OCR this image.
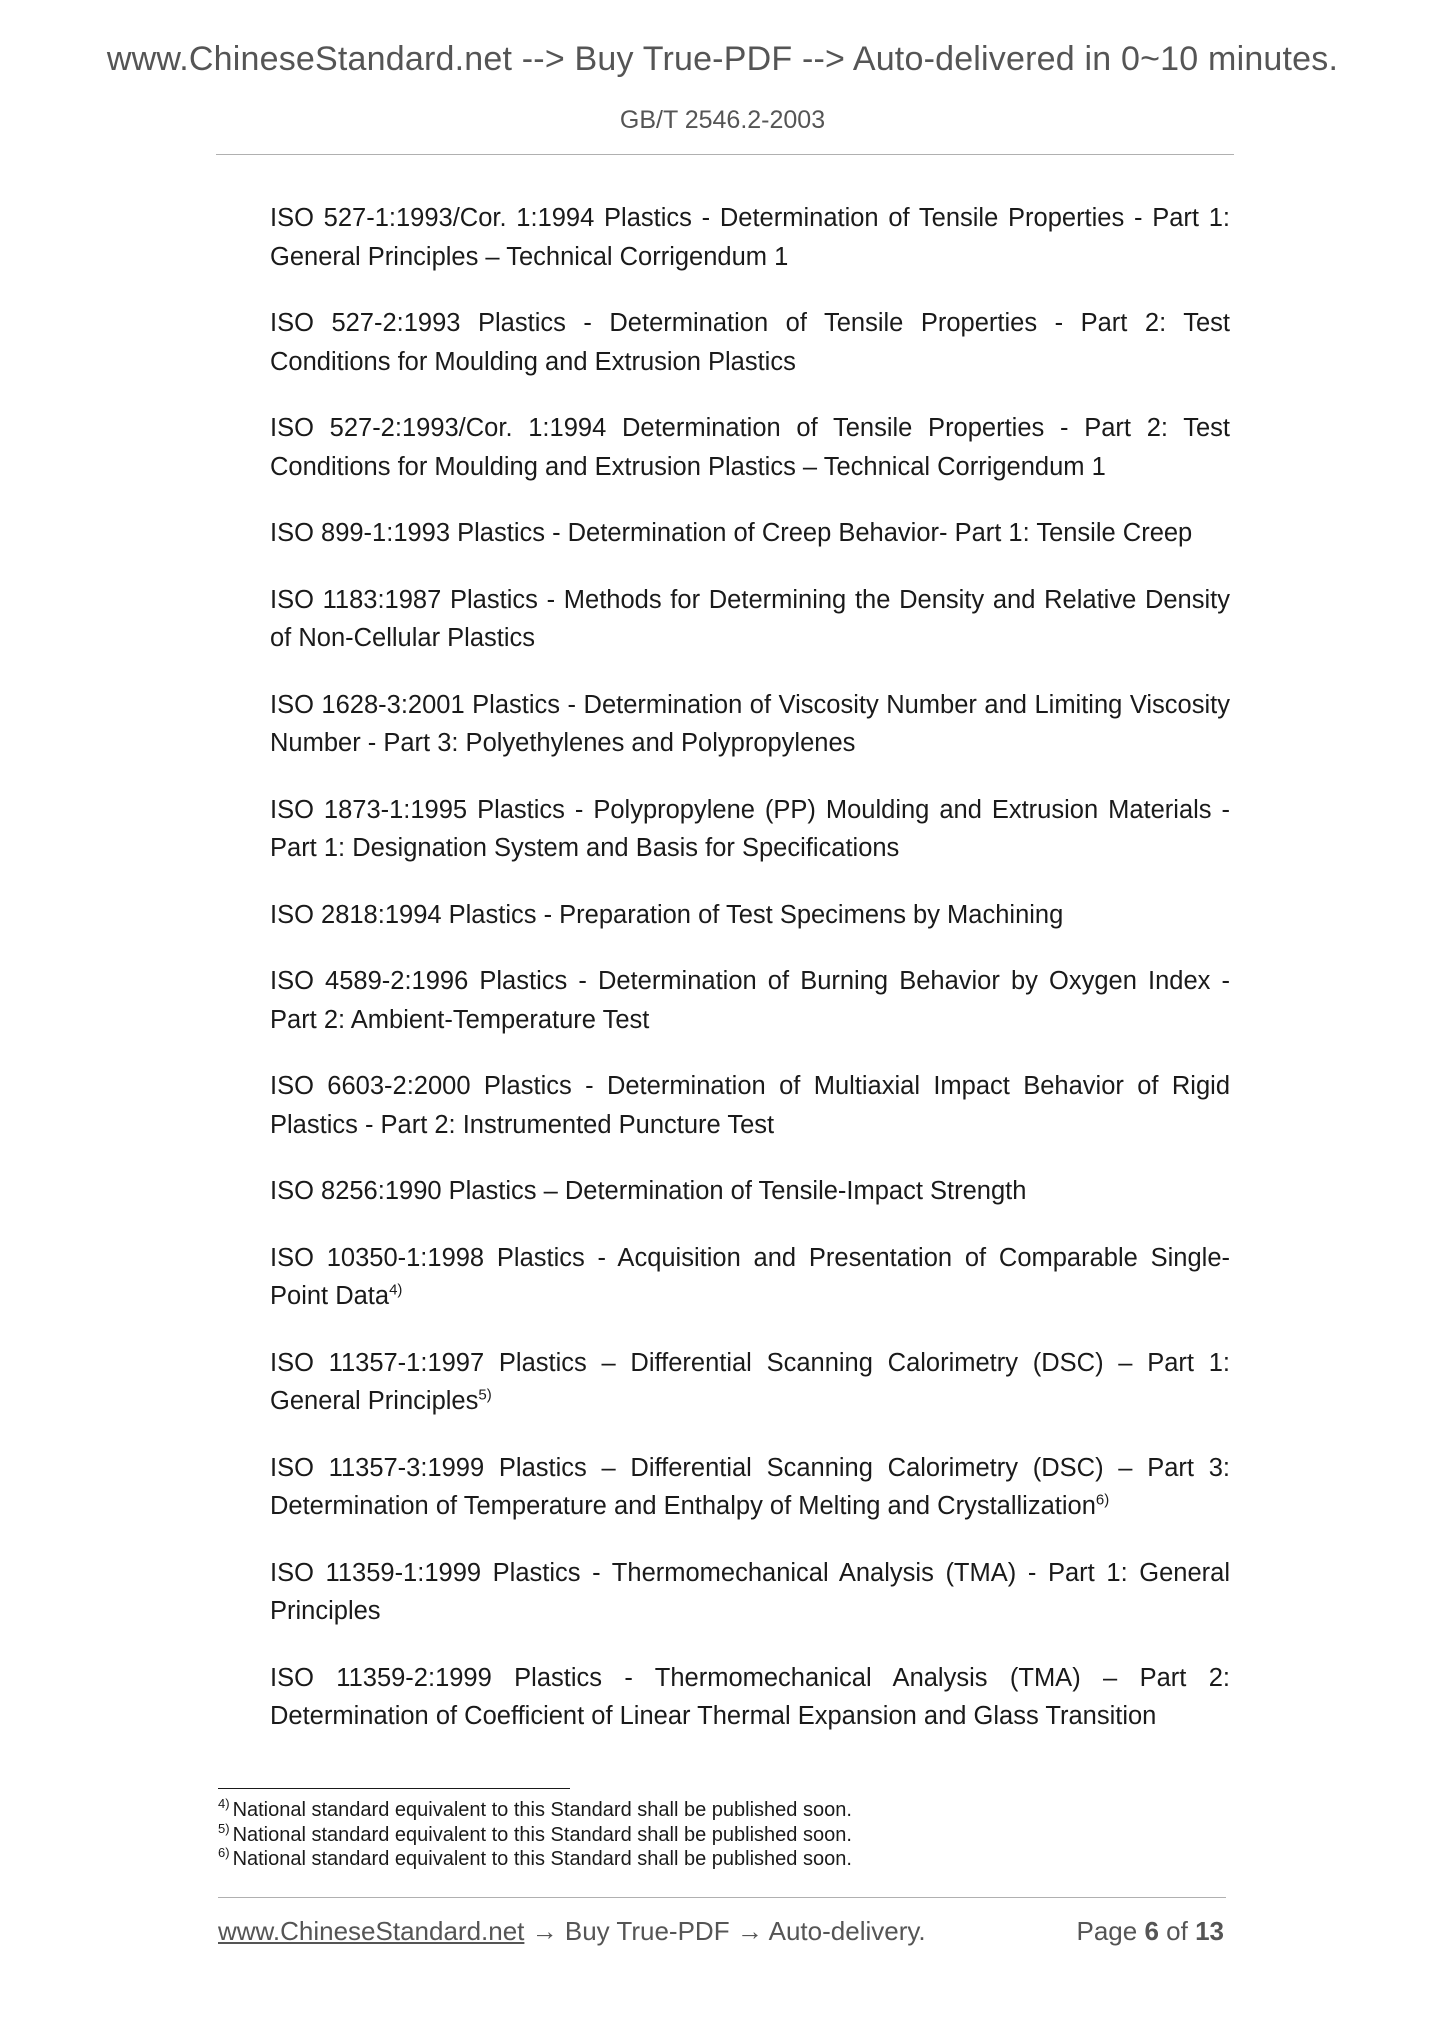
www.ChineseStandard.net --> Buy True-PDF --> Auto-delivered in 0~10 minutes.
GB/T 2546.2-2003
ISO 527-1:1993/Cor. 1:1994 Plastics - Determination of Tensile Properties - Part 1: General Principles – Technical Corrigendum 1
ISO 527-2:1993 Plastics - Determination of Tensile Properties - Part 2: Test Conditions for Moulding and Extrusion Plastics
ISO 527-2:1993/Cor. 1:1994 Determination of Tensile Properties - Part 2: Test Conditions for Moulding and Extrusion Plastics – Technical Corrigendum 1
ISO 899-1:1993 Plastics - Determination of Creep Behavior- Part 1: Tensile Creep
ISO 1183:1987 Plastics - Methods for Determining the Density and Relative Density of Non-Cellular Plastics
ISO 1628-3:2001 Plastics - Determination of Viscosity Number and Limiting Viscosity Number - Part 3: Polyethylenes and Polypropylenes
ISO 1873-1:1995 Plastics - Polypropylene (PP) Moulding and Extrusion Materials - Part 1: Designation System and Basis for Specifications
ISO 2818:1994 Plastics - Preparation of Test Specimens by Machining
ISO 4589-2:1996 Plastics - Determination of Burning Behavior by Oxygen Index - Part 2: Ambient-Temperature Test
ISO 6603-2:2000 Plastics - Determination of Multiaxial Impact Behavior of Rigid Plastics - Part 2: Instrumented Puncture Test
ISO 8256:1990 Plastics – Determination of Tensile-Impact Strength
ISO 10350-1:1998 Plastics - Acquisition and Presentation of Comparable Single-Point Data$^{4)}$
ISO 11357-1:1997 Plastics – Differential Scanning Calorimetry (DSC) – Part 1: General Principles$^{5)}$
ISO 11357-3:1999 Plastics – Differential Scanning Calorimetry (DSC) – Part 3: Determination of Temperature and Enthalpy of Melting and Crystallization$^{6)}$
ISO 11359-1:1999 Plastics - Thermomechanical Analysis (TMA) - Part 1: General Principles
ISO 11359-2:1999 Plastics - Thermomechanical Analysis (TMA) – Part 2: Determination of Coefficient of Linear Thermal Expansion and Glass Transition
$^{4)}$ National standard equivalent to this Standard shall be published soon.
$^{5)}$ National standard equivalent to this Standard shall be published soon.
$^{6)}$ National standard equivalent to this Standard shall be published soon.
www.ChineseStandard.net → Buy True-PDF → Auto-delivery.	Page 6 of 13
